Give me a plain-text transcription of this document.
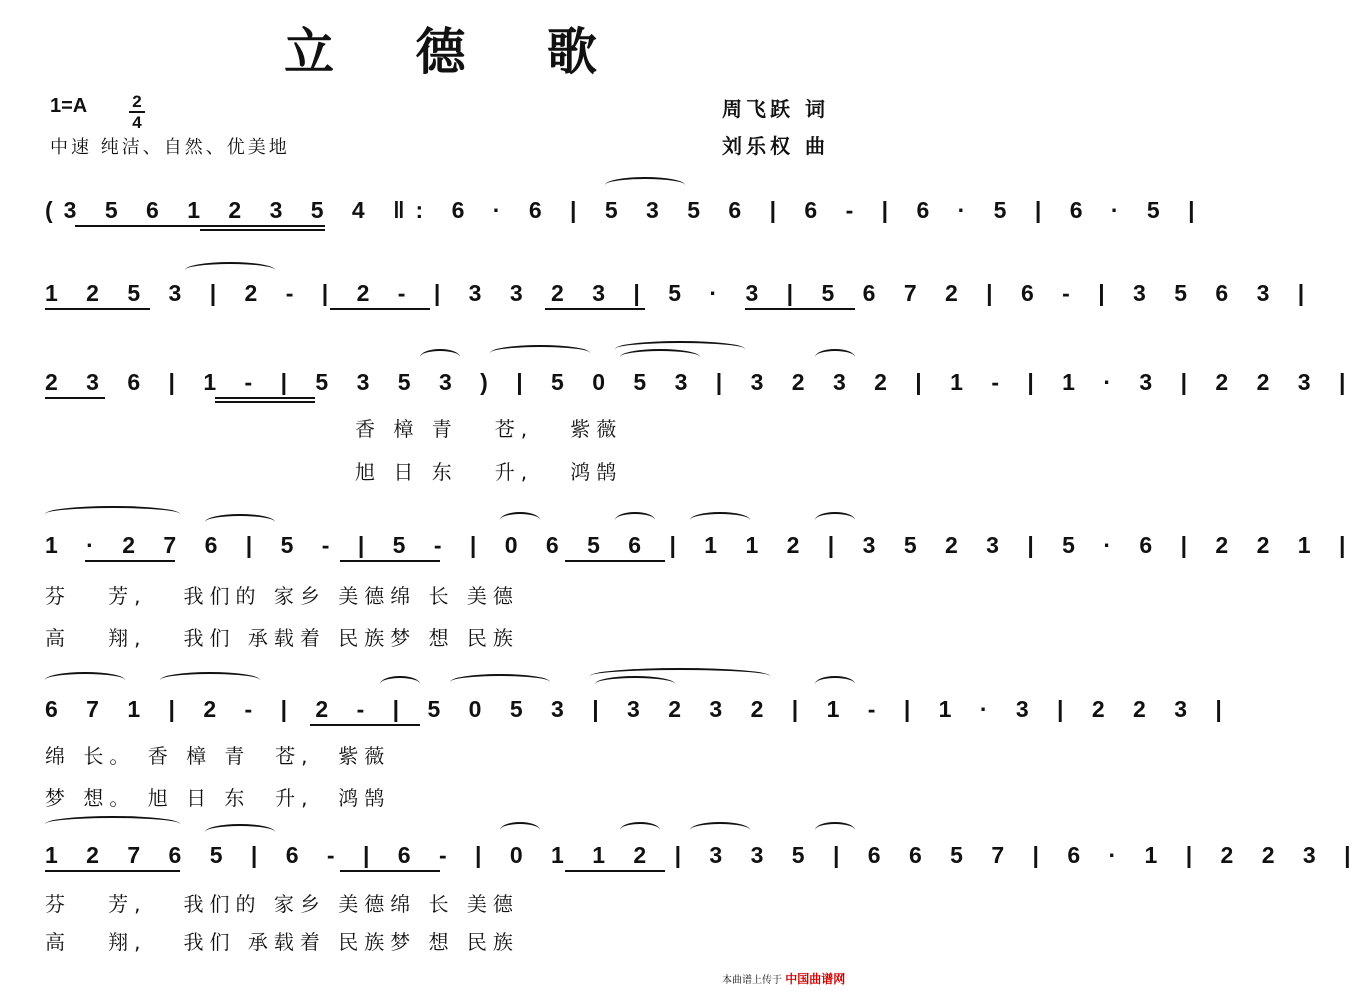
立 德 歌
1=A	2
4
中速 纯洁、自然、优美地
周飞跃 词
刘乐权 曲
(3 5 6 1 2 3 5 4 ‖: 6 · 6 | 5 3 5 6 | 6 - | 6 · 5 | 6 · 5 |
1 2 5 3 | 2 - | 2 - | 3 3 2 3 | 5 · 3 | 5 6 7 2 | 6 - | 3 5 6 3 |
2 3 6 | 1 - | 5 3 5 3 ) | 5 0 5 3 | 3 2 3 2 | 1 - | 1 · 3 | 2 2 3 |
香 樟 青   苍,   紫薇
旭 日 东   升,   鸿鹄
1 · 2 7 6 | 5 - | 5 - | 0 6 5 6 | 1 1 2 | 3 5 2 3 | 5 · 6 | 2 2 1 |
芬   芳,   我们的 家乡 美德绵 长 美德
高   翔,   我们 承载着 民族梦 想 民族
6 7 1 | 2 - | 2 - | 5 0 5 3 | 3 2 3 2 | 1 - | 1 · 3 | 2 2 3 |
绵 长。 香 樟 青  苍,  紫薇
梦 想。 旭 日 东  升,  鸿鹄
1 2 7 6 5 | 6 - | 6 - | 0 1 1 2 | 3 3 5 | 6 6 5 7 | 6 · 1 | 2 2 3 |
芬   芳,   我们的 家乡 美德绵 长 美德
高   翔,   我们 承载着 民族梦 想 民族
本曲谱上传于 中国曲谱网
